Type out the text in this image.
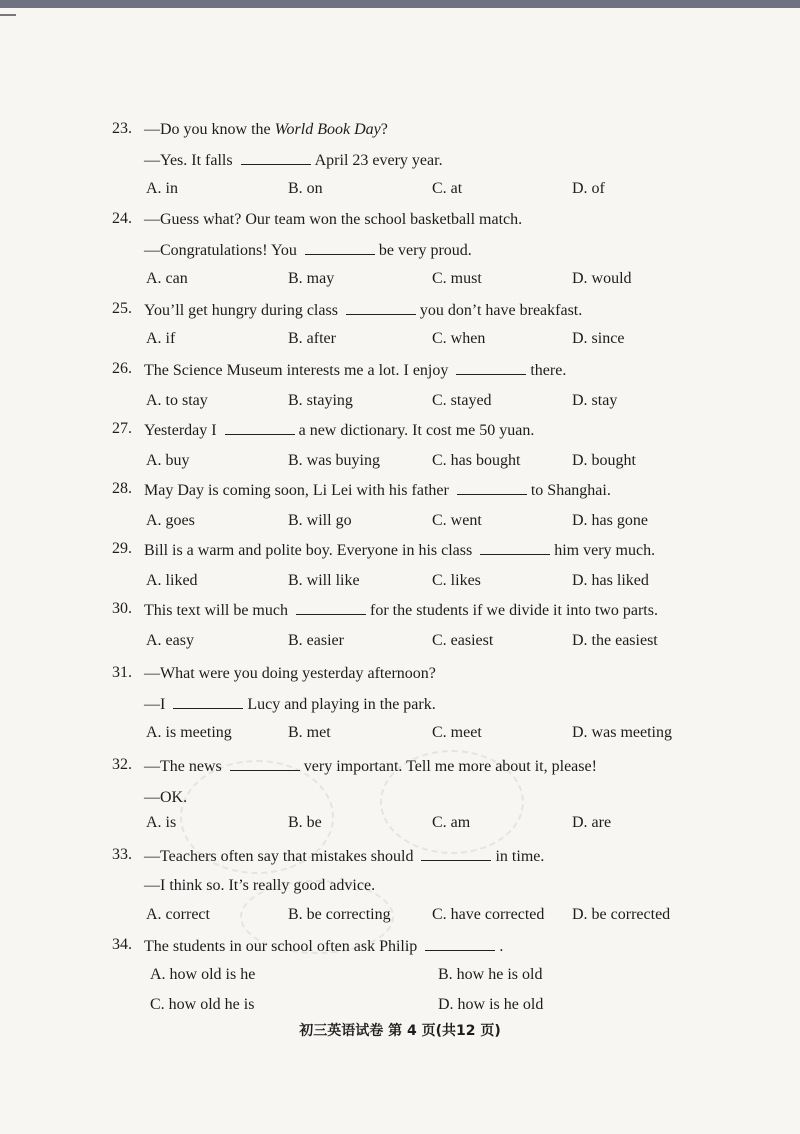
23. —Do you know the World Book Day?
—Yes. It falls	April 23 every year.
A. in	B. on	C. at	D. of
24. —Guess what? Our team won the school basketball match.
—Congratulations! You	be very proud.
A. can	B. may	C. must	D. would
25. You’ll get hungry during class	you don’t have breakfast.
A. if	B. after	C. when	D. since
26. The Science Museum interests me a lot. I enjoy	there.
A. to stay	B. staying	C. stayed	D. stay
27. Yesterday I	a new dictionary. It cost me 50 yuan.
A. buy	B. was buying	C. has bought	D. bought
28. May Day is coming soon, Li Lei with his father	to Shanghai.
A. goes	B. will go	C. went	D. has gone
29. Bill is a warm and polite boy. Everyone in his class	him very much.
A. liked	B. will like	C. likes	D. has liked
30. This text will be much	for the students if we divide it into two parts.
A. easy	B. easier	C. easiest	D. the easiest
31. —What were you doing yesterday afternoon?
—I	Lucy and playing in the park.
A. is meeting	B. met	C. meet	D. was meeting
32. —The news	very important. Tell me more about it, please!
—OK.
A. is	B. be	C. am	D. are
33. —Teachers often say that mistakes should	in time.
—I think so. It’s really good advice.
A. correct	B. be correcting	C. have corrected D. be corrected
34. The students in our school often ask Philip	.
A. how old is he	B. how he is old
C. how old he is	D. how is he old
初三英语试卷 第 4 页(共12 页)
